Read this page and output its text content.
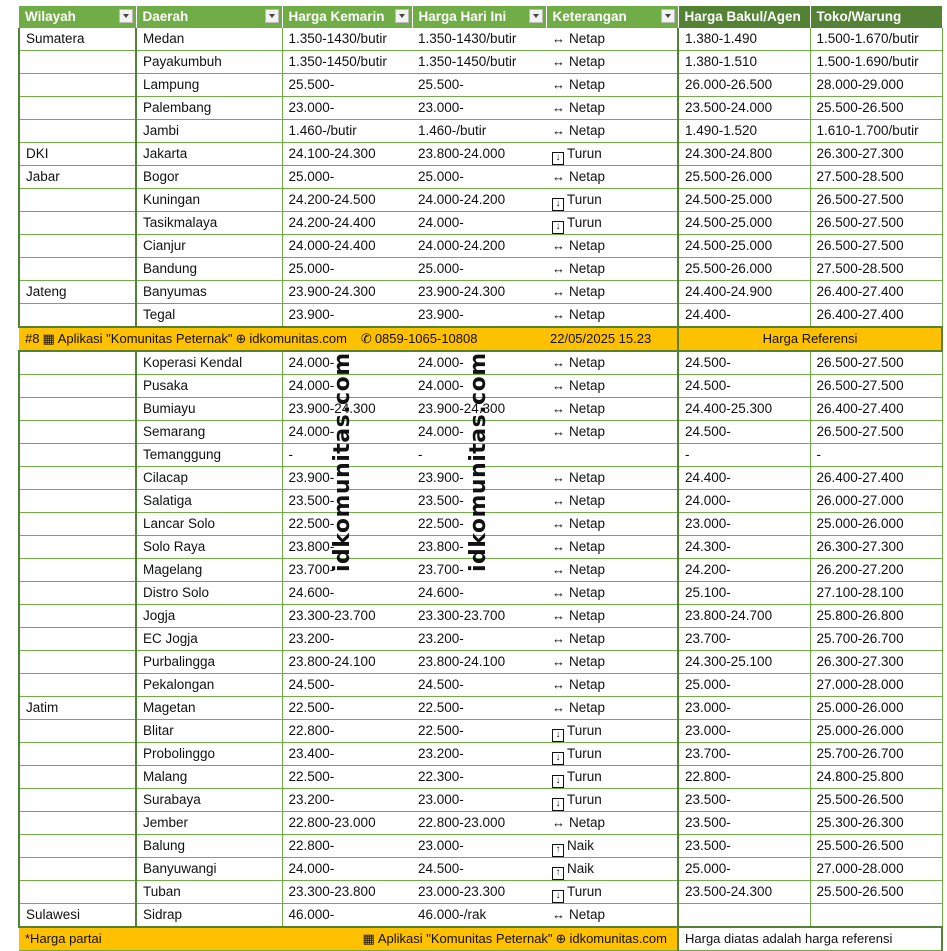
Wilayah	Daerah	Harga Kemarin	Harga Hari Ini	Keterangan	Harga Bakul/Agen	Toko/Warung
Sumatera	Medan	1.350-1430/butir	1.350-1430/butir	↔ Netap	1.380-1.490	1.500-1.670/butir
	Payakumbuh	1.350-1450/butir	1.350-1450/butir	↔ Netap	1.380-1.510	1.500-1.690/butir
	Lampung	25.500-	25.500-	↔ Netap	26.000-26.500	28.000-29.000
	Palembang	23.000-	23.000-	↔ Netap	23.500-24.000	25.500-26.500
	Jambi	1.460-/butir	1.460-/butir	↔ Netap	1.490-1.520	1.610-1.700/butir
DKI	Jakarta	24.100-24.300	23.800-24.000	↓ Turun	24.300-24.800	26.300-27.300
Jabar	Bogor	25.000-	25.000-	↔ Netap	25.500-26.000	27.500-28.500
	Kuningan	24.200-24.500	24.000-24.200	↓ Turun	24.500-25.000	26.500-27.500
	Tasikmalaya	24.200-24.400	24.000-	↓ Turun	24.500-25.000	26.500-27.500
	Cianjur	24.000-24.400	24.000-24.200	↔ Netap	24.500-25.000	26.500-27.500
	Bandung	25.000-	25.000-	↔ Netap	25.500-26.000	27.500-28.500
Jateng	Banyumas	23.900-24.300	23.900-24.300	↔ Netap	24.400-24.900	26.400-27.400
	Tegal	23.900-	23.900-	↔ Netap	24.400-	26.400-27.400
#8 ▦ Aplikasi "Komunitas Peternak" ⊕ idkomunitas.com ✆ 0859-1065-10808				22/05/2025 15.23	Harga Referensi	
	Koperasi Kendal	24.000-	24.000-	↔ Netap	24.500-	26.500-27.500
	Pusaka	24.000-	24.000-	↔ Netap	24.500-	26.500-27.500
	Bumiayu	23.900-24.300	23.900-24.300	↔ Netap	24.400-25.300	26.400-27.400
	Semarang	24.000-	24.000-	↔ Netap	24.500-	26.500-27.500
	Temanggung	-	-		-	-
	Cilacap	23.900-	23.900-	↔ Netap	24.400-	26.400-27.400
	Salatiga	23.500-	23.500-	↔ Netap	24.000-	26.000-27.000
	Lancar Solo	22.500-	22.500-	↔ Netap	23.000-	25.000-26.000
	Solo Raya	23.800-	23.800-	↔ Netap	24.300-	26.300-27.300
	Magelang	23.700-	23.700-	↔ Netap	24.200-	26.200-27.200
	Distro Solo	24.600-	24.600-	↔ Netap	25.100-	27.100-28.100
	Jogja	23.300-23.700	23.300-23.700	↔ Netap	23.800-24.700	25.800-26.800
	EC Jogja	23.200-	23.200-	↔ Netap	23.700-	25.700-26.700
	Purbalingga	23.800-24.100	23.800-24.100	↔ Netap	24.300-25.100	26.300-27.300
	Pekalongan	24.500-	24.500-	↔ Netap	25.000-	27.000-28.000
Jatim	Magetan	22.500-	22.500-	↔ Netap	23.000-	25.000-26.000
	Blitar	22.800-	22.500-	↓ Turun	23.000-	25.000-26.000
	Probolinggo	23.400-	23.200-	↓ Turun	23.700-	25.700-26.700
	Malang	22.500-	22.300-	↓ Turun	22.800-	24.800-25.800
	Surabaya	23.200-	23.000-	↓ Turun	23.500-	25.500-26.500
	Jember	22.800-23.000	22.800-23.000	↔ Netap	23.500-	25.300-26.300
	Balung	22.800-	23.000-	↑ Naik	23.500-	25.500-26.500
	Banyuwangi	24.000-	24.500-	↑ Naik	25.000-	27.000-28.000
	Tuban	23.300-23.800	23.000-23.300	↓ Turun	23.500-24.300	25.500-26.500
Sulawesi	Sidrap	46.000-	46.000-/rak	↔ Netap		
*Harga partai		▦ Aplikasi "Komunitas Peternak" ⊕ idkomunitas.com			Harga diatas adalah harga referensi	
idkomunitas.com	idkomunitas.com
